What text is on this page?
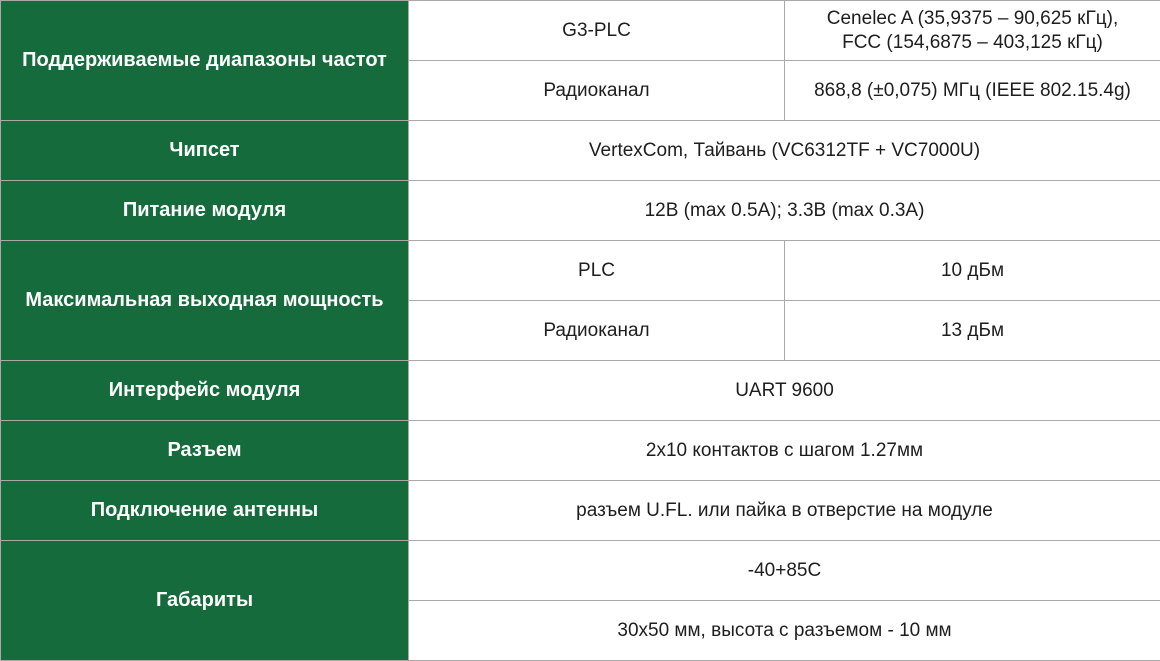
Поддерживаемые диапазоны частот	G3-PLC	Cenelec A (35,9375 – 90,625 кГц),
FCC (154,6875 – 403,125 кГц)

	Радиоканал	868,8 (±0,075) МГц (IEEE 802.15.4g)
Чипсет	VertexCom, Тайвань (VC6312TF + VC7000U)	
Питание модуля	12В (max 0.5A); 3.3В (max 0.3A)	
Максимальная выходная мощность	PLC	10 дБм
	Радиоканал	13 дБм
Интерфейс модуля	UART 9600	
Разъем	2x10 контактов с шагом 1.27мм	
Подключение антенны	разъем U.FL. или пайка в отверстие на модуле	
Габариты	-40+85С	
	30x50 мм, высота с разъемом - 10 мм	
